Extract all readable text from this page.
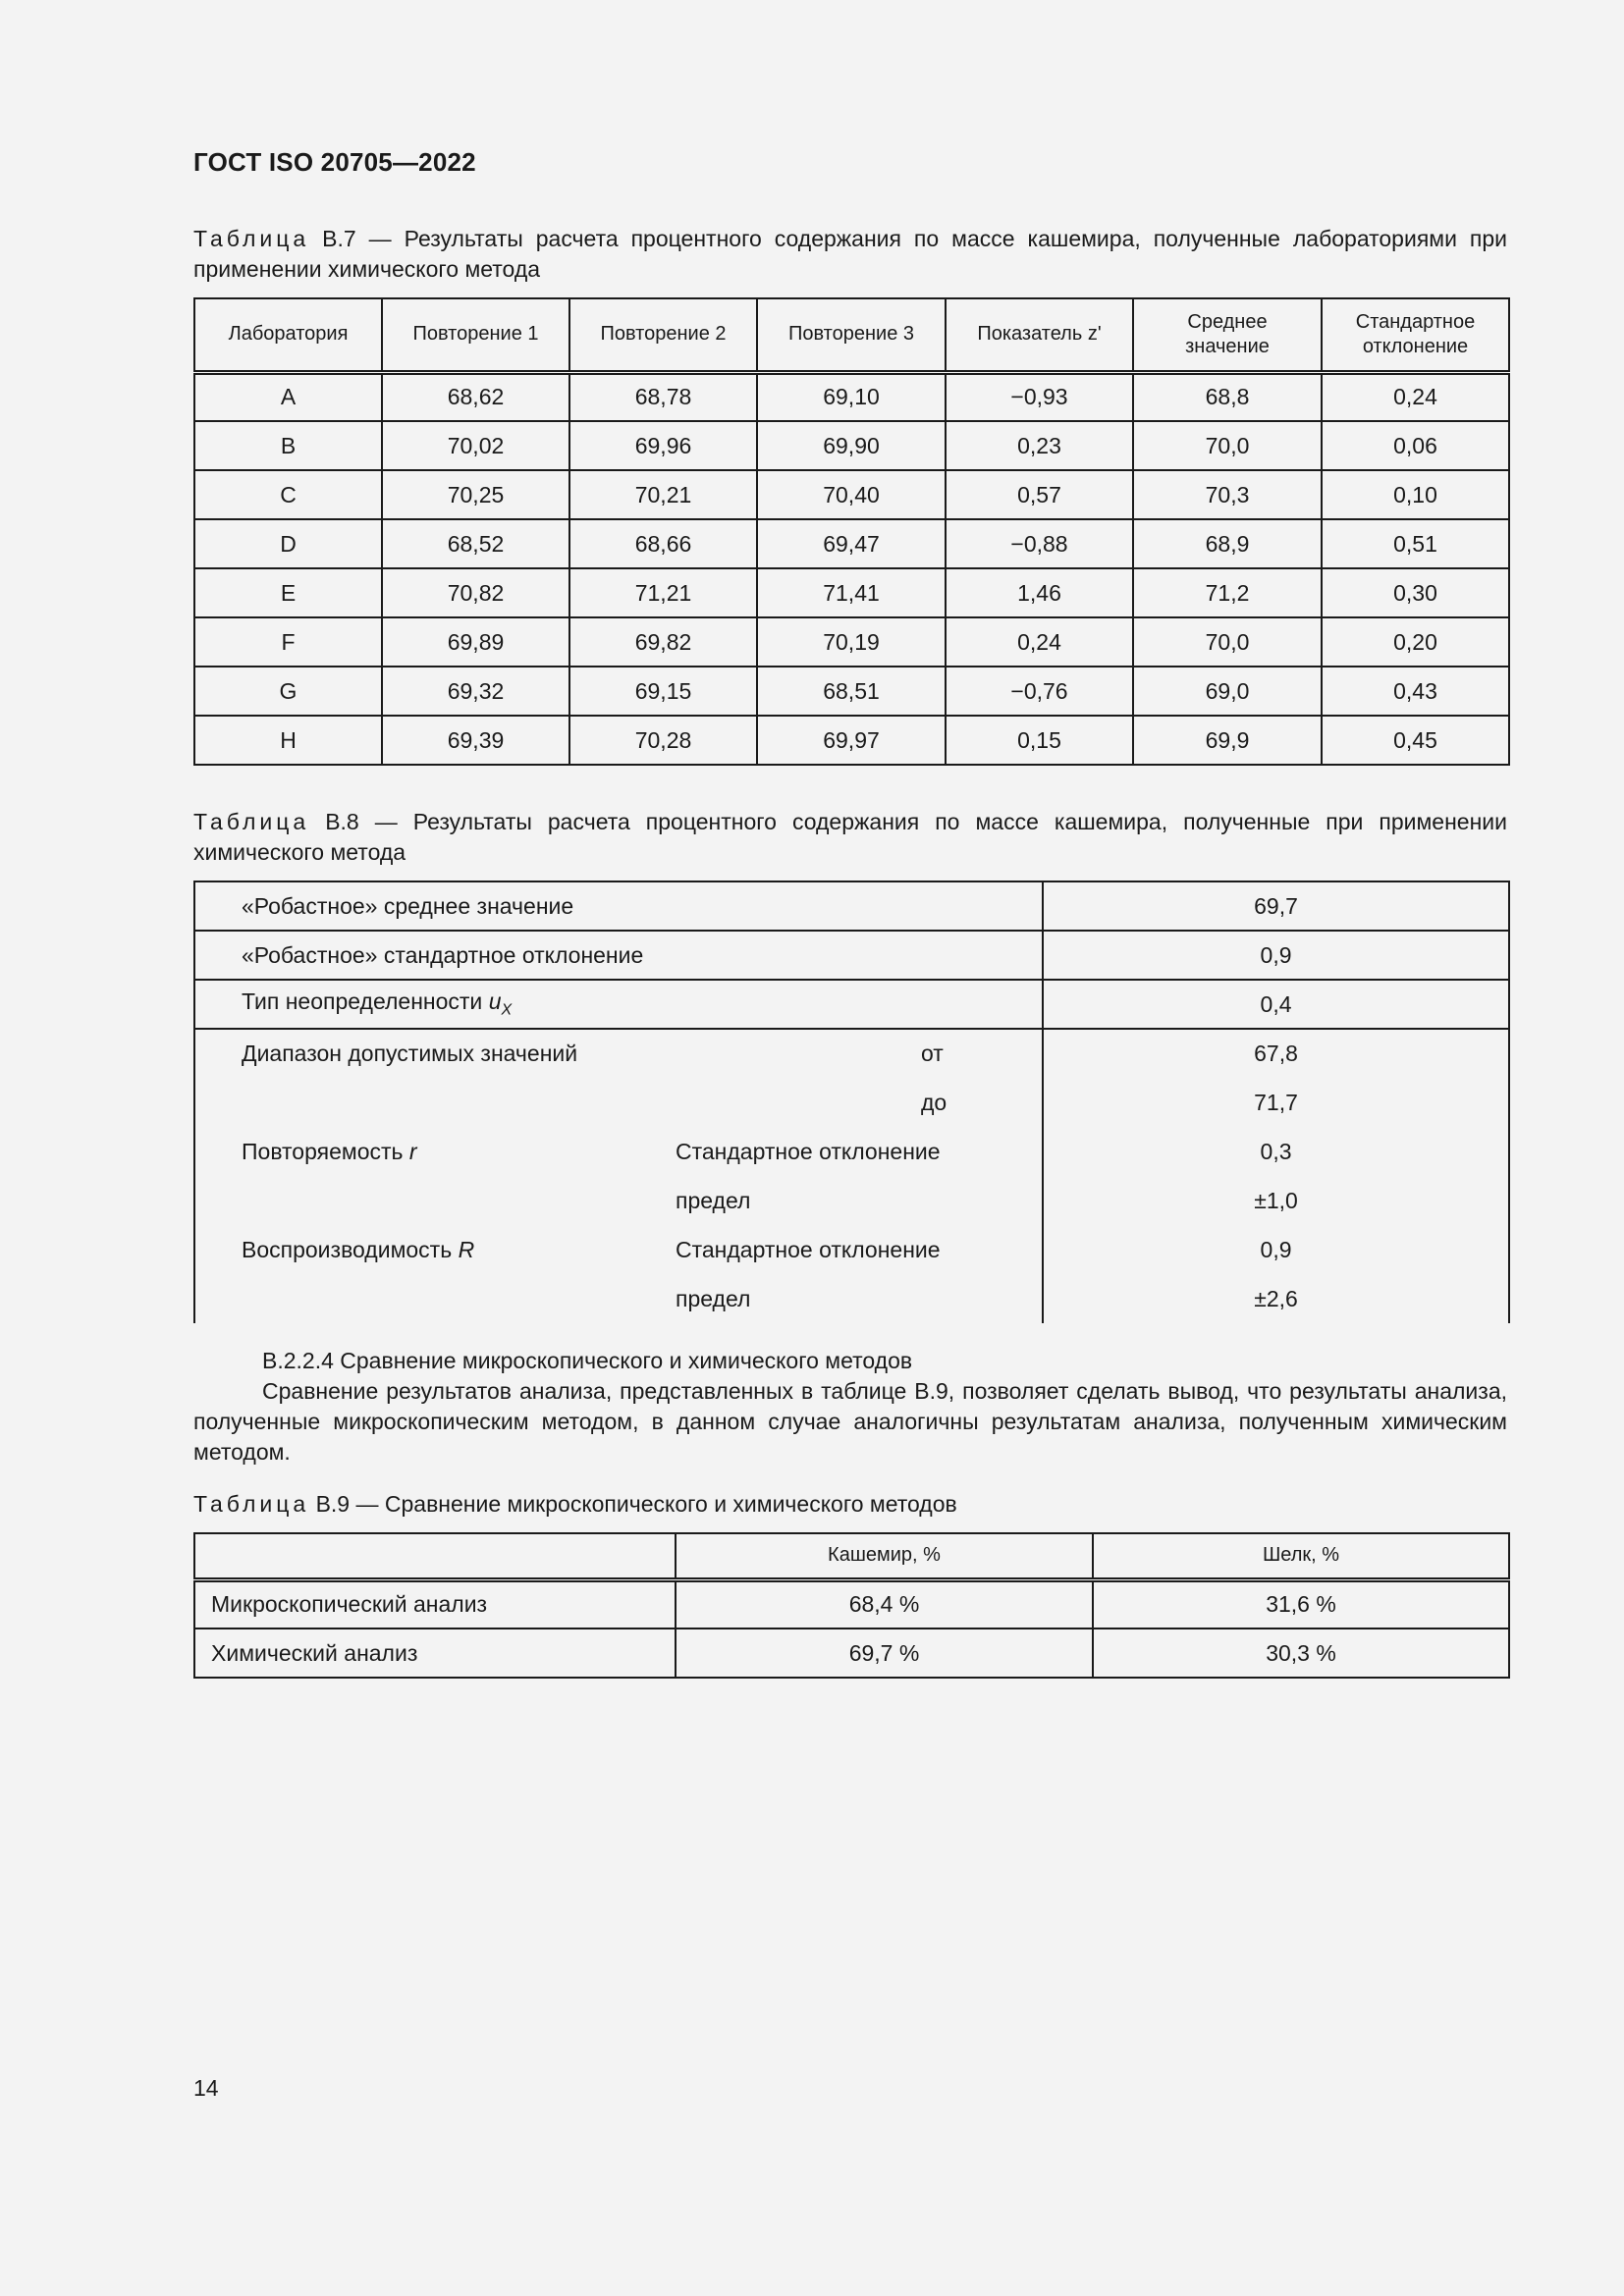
ГОСТ ISO 20705—2022
Таблица В.7 — Результаты расчета процентного содержания по массе кашемира, полученные лабораториями при применении химического метода
Лаборатория	Повторение 1	Повторение 2	Повторение 3	Показатель z'	Среднее значение	Стандартное отклонение
A	68,62	68,78	69,10	−0,93	68,8	0,24
B	70,02	69,96	69,90	0,23	70,0	0,06
C	70,25	70,21	70,40	0,57	70,3	0,10
D	68,52	68,66	69,47	−0,88	68,9	0,51
E	70,82	71,21	71,41	1,46	71,2	0,30
F	69,89	69,82	70,19	0,24	70,0	0,20
G	69,32	69,15	68,51	−0,76	69,0	0,43
H	69,39	70,28	69,97	0,15	69,9	0,45
Таблица В.8 — Результаты расчета процентного содержания по массе кашемира, полученные при применении химического метода
«Робастное» среднее значение			69,7
«Робастное» стандартное отклонение			0,9
Тип неопределенности $u_X$			0,4
Диапазон допустимых значений		от	67,8
		до	71,7
Повторяемость r	Стандартное отклонение		0,3
	предел		±1,0
Воспроизводимость R	Стандартное отклонение		0,9
	предел		±2,6
В.2.2.4 Сравнение микроскопического и химического методов
Сравнение результатов анализа, представленных в таблице В.9, позволяет сделать вывод, что результаты анализа, полученные микроскопическим методом, в данном случае аналогичны результатам анализа, полученным химическим методом.
Таблица В.9 — Сравнение микроскопического и химического методов
	Кашемир, %	Шелк, %
Микроскопический анализ	68,4 %	31,6 %
Химический анализ	69,7 %	30,3 %
14
